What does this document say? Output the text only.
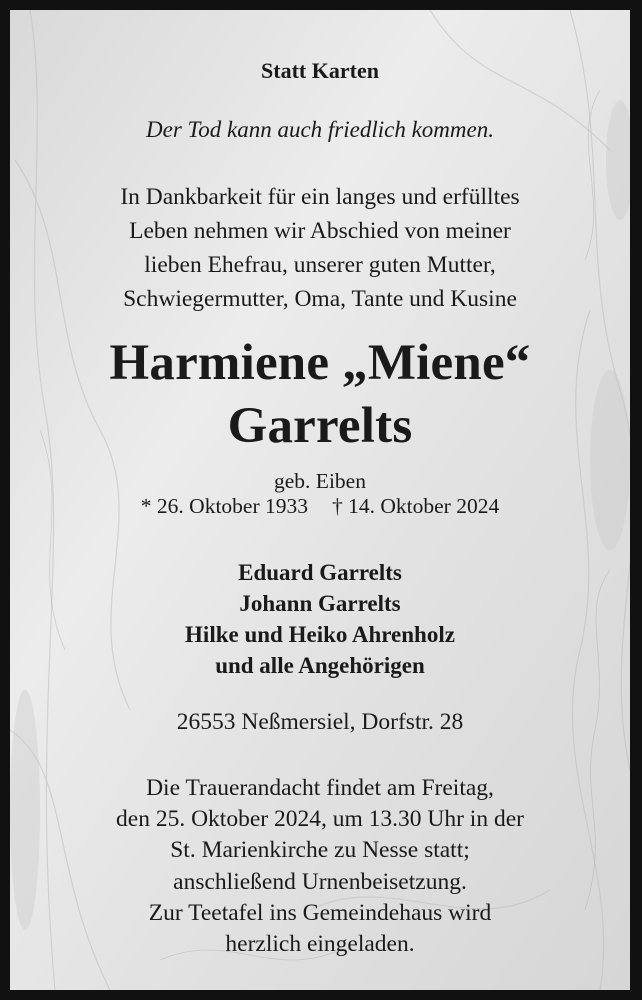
Statt Karten
Der Tod kann auch friedlich kommen.
In Dankbarkeit für ein langes und erfülltes
Leben nehmen wir Abschied von meiner
lieben Ehefrau, unserer guten Mutter,
Schwiegermutter, Oma, Tante und Kusine
Harmiene „Miene“
Garrelts
geb. Eiben
* 26. Oktober 1933 † 14. Oktober 2024
Eduard Garrelts
Johann Garrelts
Hilke und Heiko Ahrenholz
und alle Angehörigen
26553 Neßmersiel, Dorfstr. 28
Die Trauerandacht findet am Freitag,
den 25. Oktober 2024, um 13.30 Uhr in der
St. Marienkirche zu Nesse statt;
anschließend Urnenbeisetzung.
Zur Teetafel ins Gemeindehaus wird
herzlich eingeladen.
